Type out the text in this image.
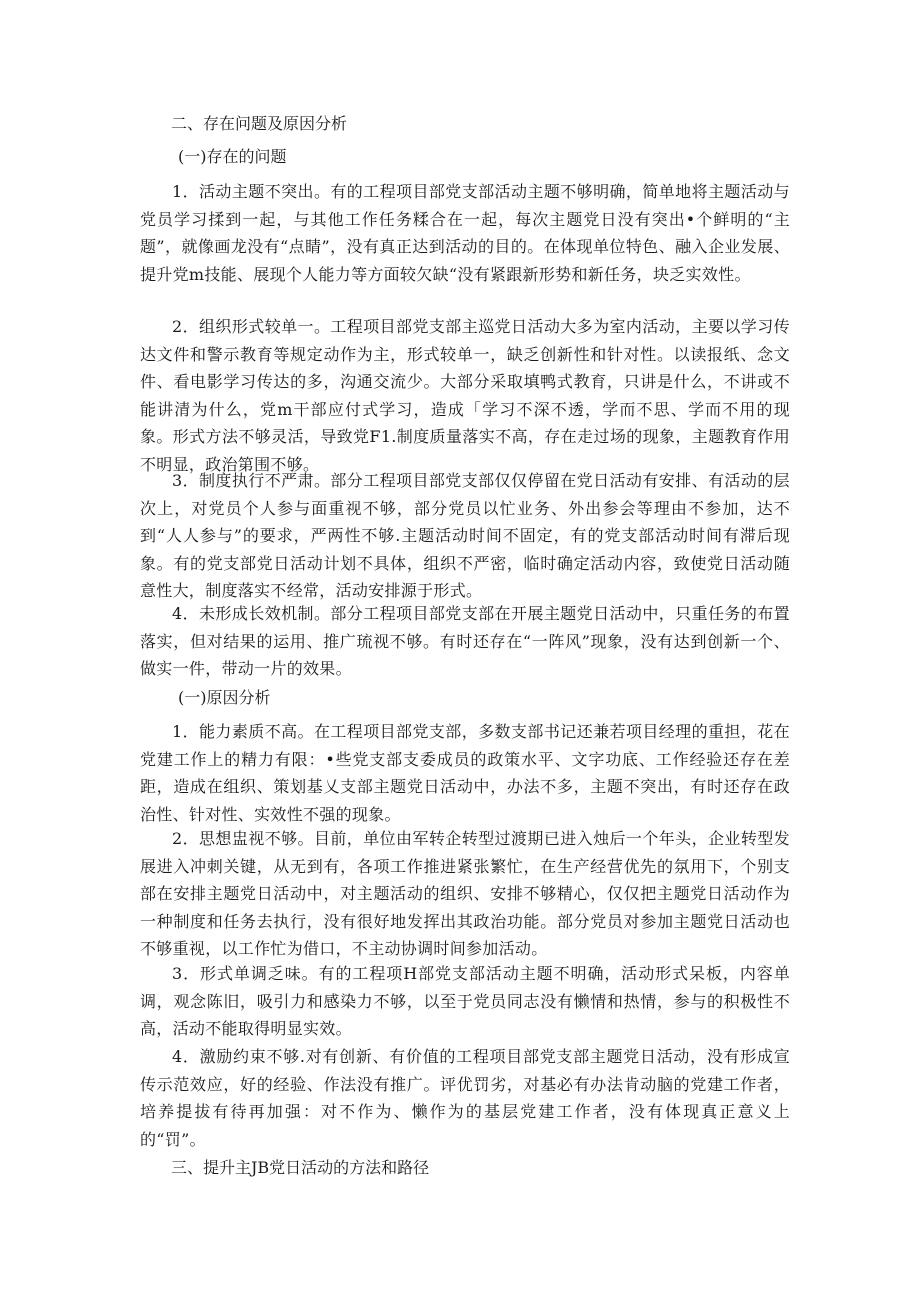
二、存在问题及原因分析
(一)存在的问题
1．活动主题不突出。有的工程项目部党支部活动主题不够明确，简单地将主题活动与党员学习揉到一起，与其他工作任务糅合在一起，每次主题党日没有突出•个鲜明的“主题”，就像画龙没有“点睛”，没有真正达到活动的目的。在体现单位特色、融入企业发展、提升党m技能、展现个人能力等方面较欠缺“没有紧跟新形势和新任务，块乏实效性。
2．组织形式较单一。工程项目部党支部主巡党日活动大多为室内活动，主要以学习传达文件和警示教育等规定动作为主，形式较单一，缺乏创新性和针对性。以读报纸、念文件、看电影学习传达的多，沟通交流少。大部分采取填鸭式教育，只讲是什么，不讲或不能讲清为什么，党m干部应付式学习，造成「学习不深不透，学而不思、学而不用的现象。形式方法不够灵活，导致党F1.制度质量落实不高，存在走过场的现象，主题教育作用不明显，政治第围不够。
3．制度执行不严肃。部分工程项目部党支部仅仅停留在党日活动有安排、有活动的层次上，对党员个人参与面重视不够，部分党员以忙业务、外出参会等理由不参加，达不到“人人参与”的要求，严两性不够.主题活动时间不固定，有的党支部活动时间有滞后现象。有的党支部党日活动计划不具体，组织不严密，临时确定活动内容，致使党日活动随意性大，制度落实不经常，活动安排源于形式。
4．未形成长效机制。部分工程项目部党支部在开展主题党日活动中，只重任务的布置落实，但对结果的运用、推广琉视不够。有时还存在“一阵风”现象，没有达到创新一个、做实一件，带动一片的效果。
(一)原因分析
1．能力素质不高。在工程项目部党支部，多数支部书记还兼若项目经理的重担，花在党建工作上的精力有限：•些党支部支委成员的政策水平、文字功底、工作经验还存在差距，造成在组织、策划基乂支部主题党日活动中，办法不多，主题不突出，有时还存在政治性、针对性、实效性不强的现象。
2．思想盅视不够。目前，单位由军转企转型过渡期已进入烛后一个年头，企业转型发展进入冲刺关键，从无到有，各项工作推进紧张繁忙，在生产经营优先的氛用下，个别支部在安排主题党日活动中，对主题活动的组织、安排不够精心，仅仅把主题党日活动作为一种制度和任务去执行，没有很好地发挥出其政治功能。部分党员对参加主题党日活动也不够重视，以工作忙为借口，不主动协调时间参加活动。
3．形式单调乏味。有的工程项H部党支部活动主题不明确，活动形式呆板，内容单调，观念陈旧，吸引力和感染力不够，以至于党员同志没有懒情和热情，参与的积极性不高，活动不能取得明显实效。
4．激励约束不够.对有创新、有价值的工程项目部党支部主题党日活动，没有形成宣传示范效应，好的经验、作法没有推广。评优罚劣，对基必有办法肯动脑的党建工作者，培养提拔有待再加强：对不作为、懒作为的基层党建工作者，没有体现真正意义上的“罚”。
三、提升主JB党日活动的方法和路径
